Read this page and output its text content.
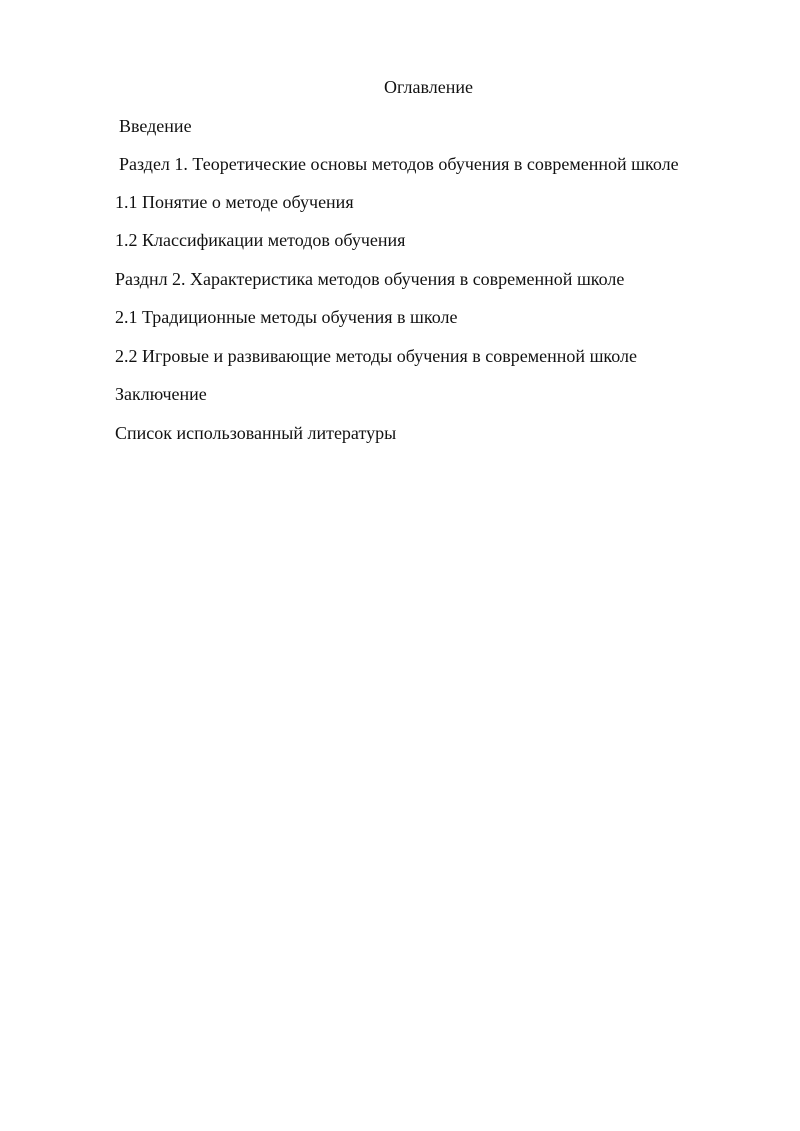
Оглавление
Введение
Раздел 1. Теоретические основы методов обучения в современной школе
1.1 Понятие о методе обучения
1.2 Классификации методов обучения
Разднл 2. Характеристика методов обучения в современной школе
2.1 Традиционные методы обучения в школе
2.2 Игровые и развивающие методы обучения в современной школе
Заключение
Список использованный литературы
